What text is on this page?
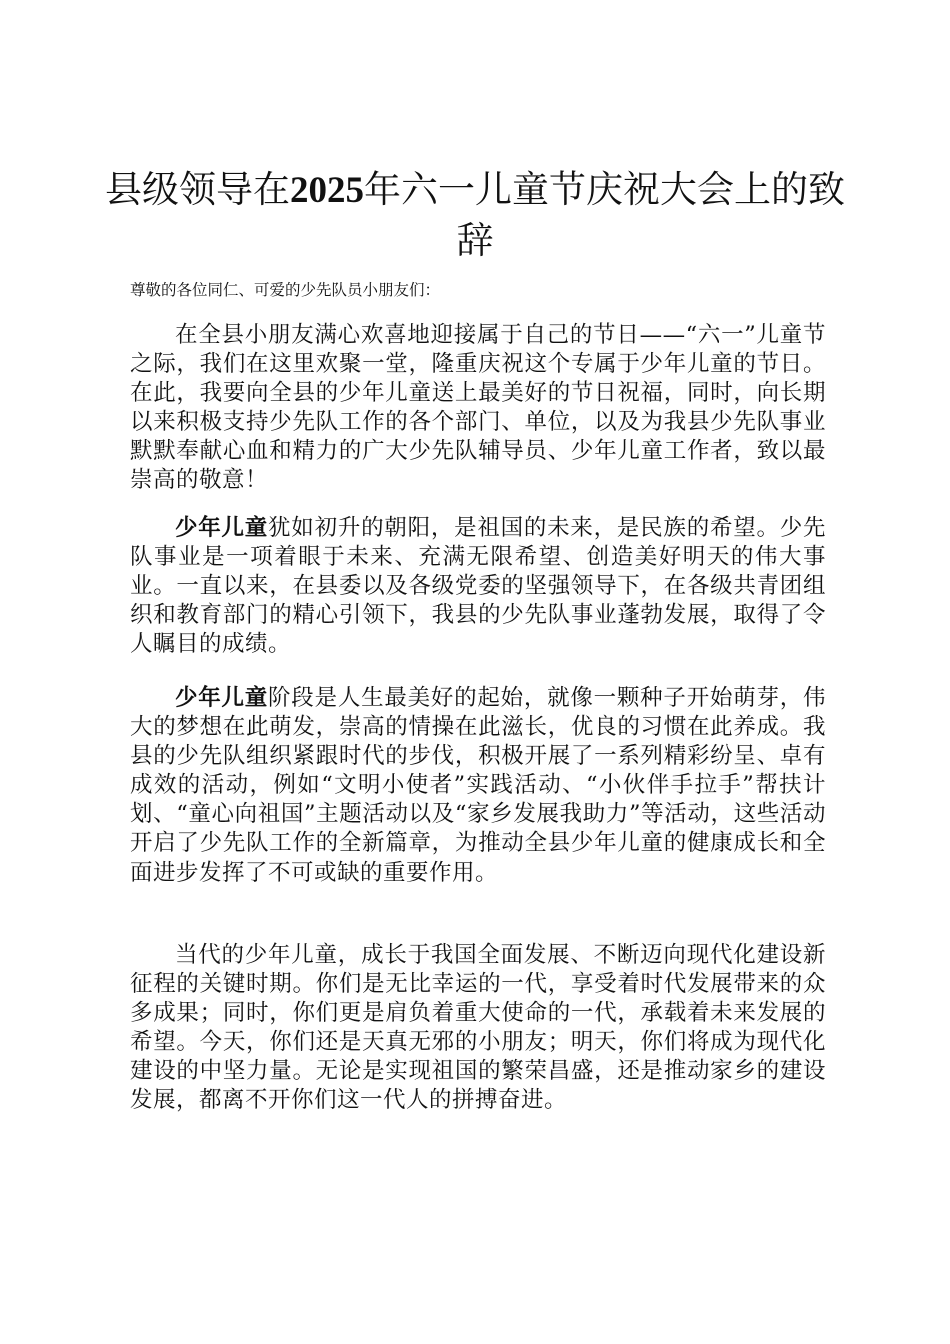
县级领导在2025年六一儿童节庆祝大会上的致辞

尊敬的各位同仁、可爱的少先队员小朋友们：

在全县小朋友满心欢喜地迎接属于自己的节日——“六一”儿童节之际，我们在这里欢聚一堂，隆重庆祝这个专属于少年儿童的节日。在此，我要向全县的少年儿童送上最美好的节日祝福，同时，向长期以来积极支持少先队工作的各个部门、单位，以及为我县少先队事业默默奉献心血和精力的广大少先队辅导员、少年儿童工作者，致以最崇高的敬意！

少年儿童犹如初升的朝阳，是祖国的未来，是民族的希望。少先队事业是一项着眼于未来、充满无限希望、创造美好明天的伟大事业。一直以来，在县委以及各级党委的坚强领导下，在各级共青团组织和教育部门的精心引领下，我县的少先队事业蓬勃发展，取得了令人瞩目的成绩。

少年儿童阶段是人生最美好的起始，就像一颗种子开始萌芽，伟大的梦想在此萌发，崇高的情操在此滋长，优良的习惯在此养成。我县的少先队组织紧跟时代的步伐，积极开展了一系列精彩纷呈、卓有成效的活动，例如“文明小使者”实践活动、“小伙伴手拉手”帮扶计划、“童心向祖国”主题活动以及“家乡发展我助力”等活动，这些活动开启了少先队工作的全新篇章，为推动全县少年儿童的健康成长和全面进步发挥了不可或缺的重要作用。

当代的少年儿童，成长于我国全面发展、不断迈向现代化建设新征程的关键时期。你们是无比幸运的一代，享受着时代发展带来的众多成果；同时，你们更是肩负着重大使命的一代，承载着未来发展的希望。今天，你们还是天真无邪的小朋友；明天，你们将成为现代化建设的中坚力量。无论是实现祖国的繁荣昌盛，还是推动家乡的建设发展，都离不开你们这一代人的拼搏奋进。
